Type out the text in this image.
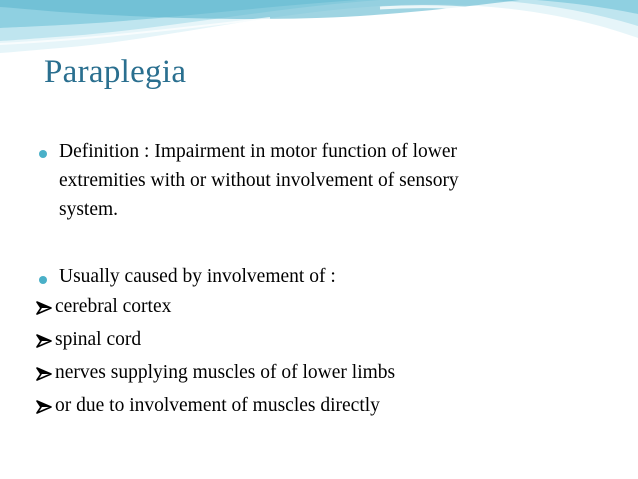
Paraplegia
Definition : Impairment in motor function of lower
extremities with or without involvement of sensory
system.
Usually caused by involvement of :
cerebral cortex
spinal cord
nerves supplying muscles of of lower limbs
or due to involvement of muscles directly
